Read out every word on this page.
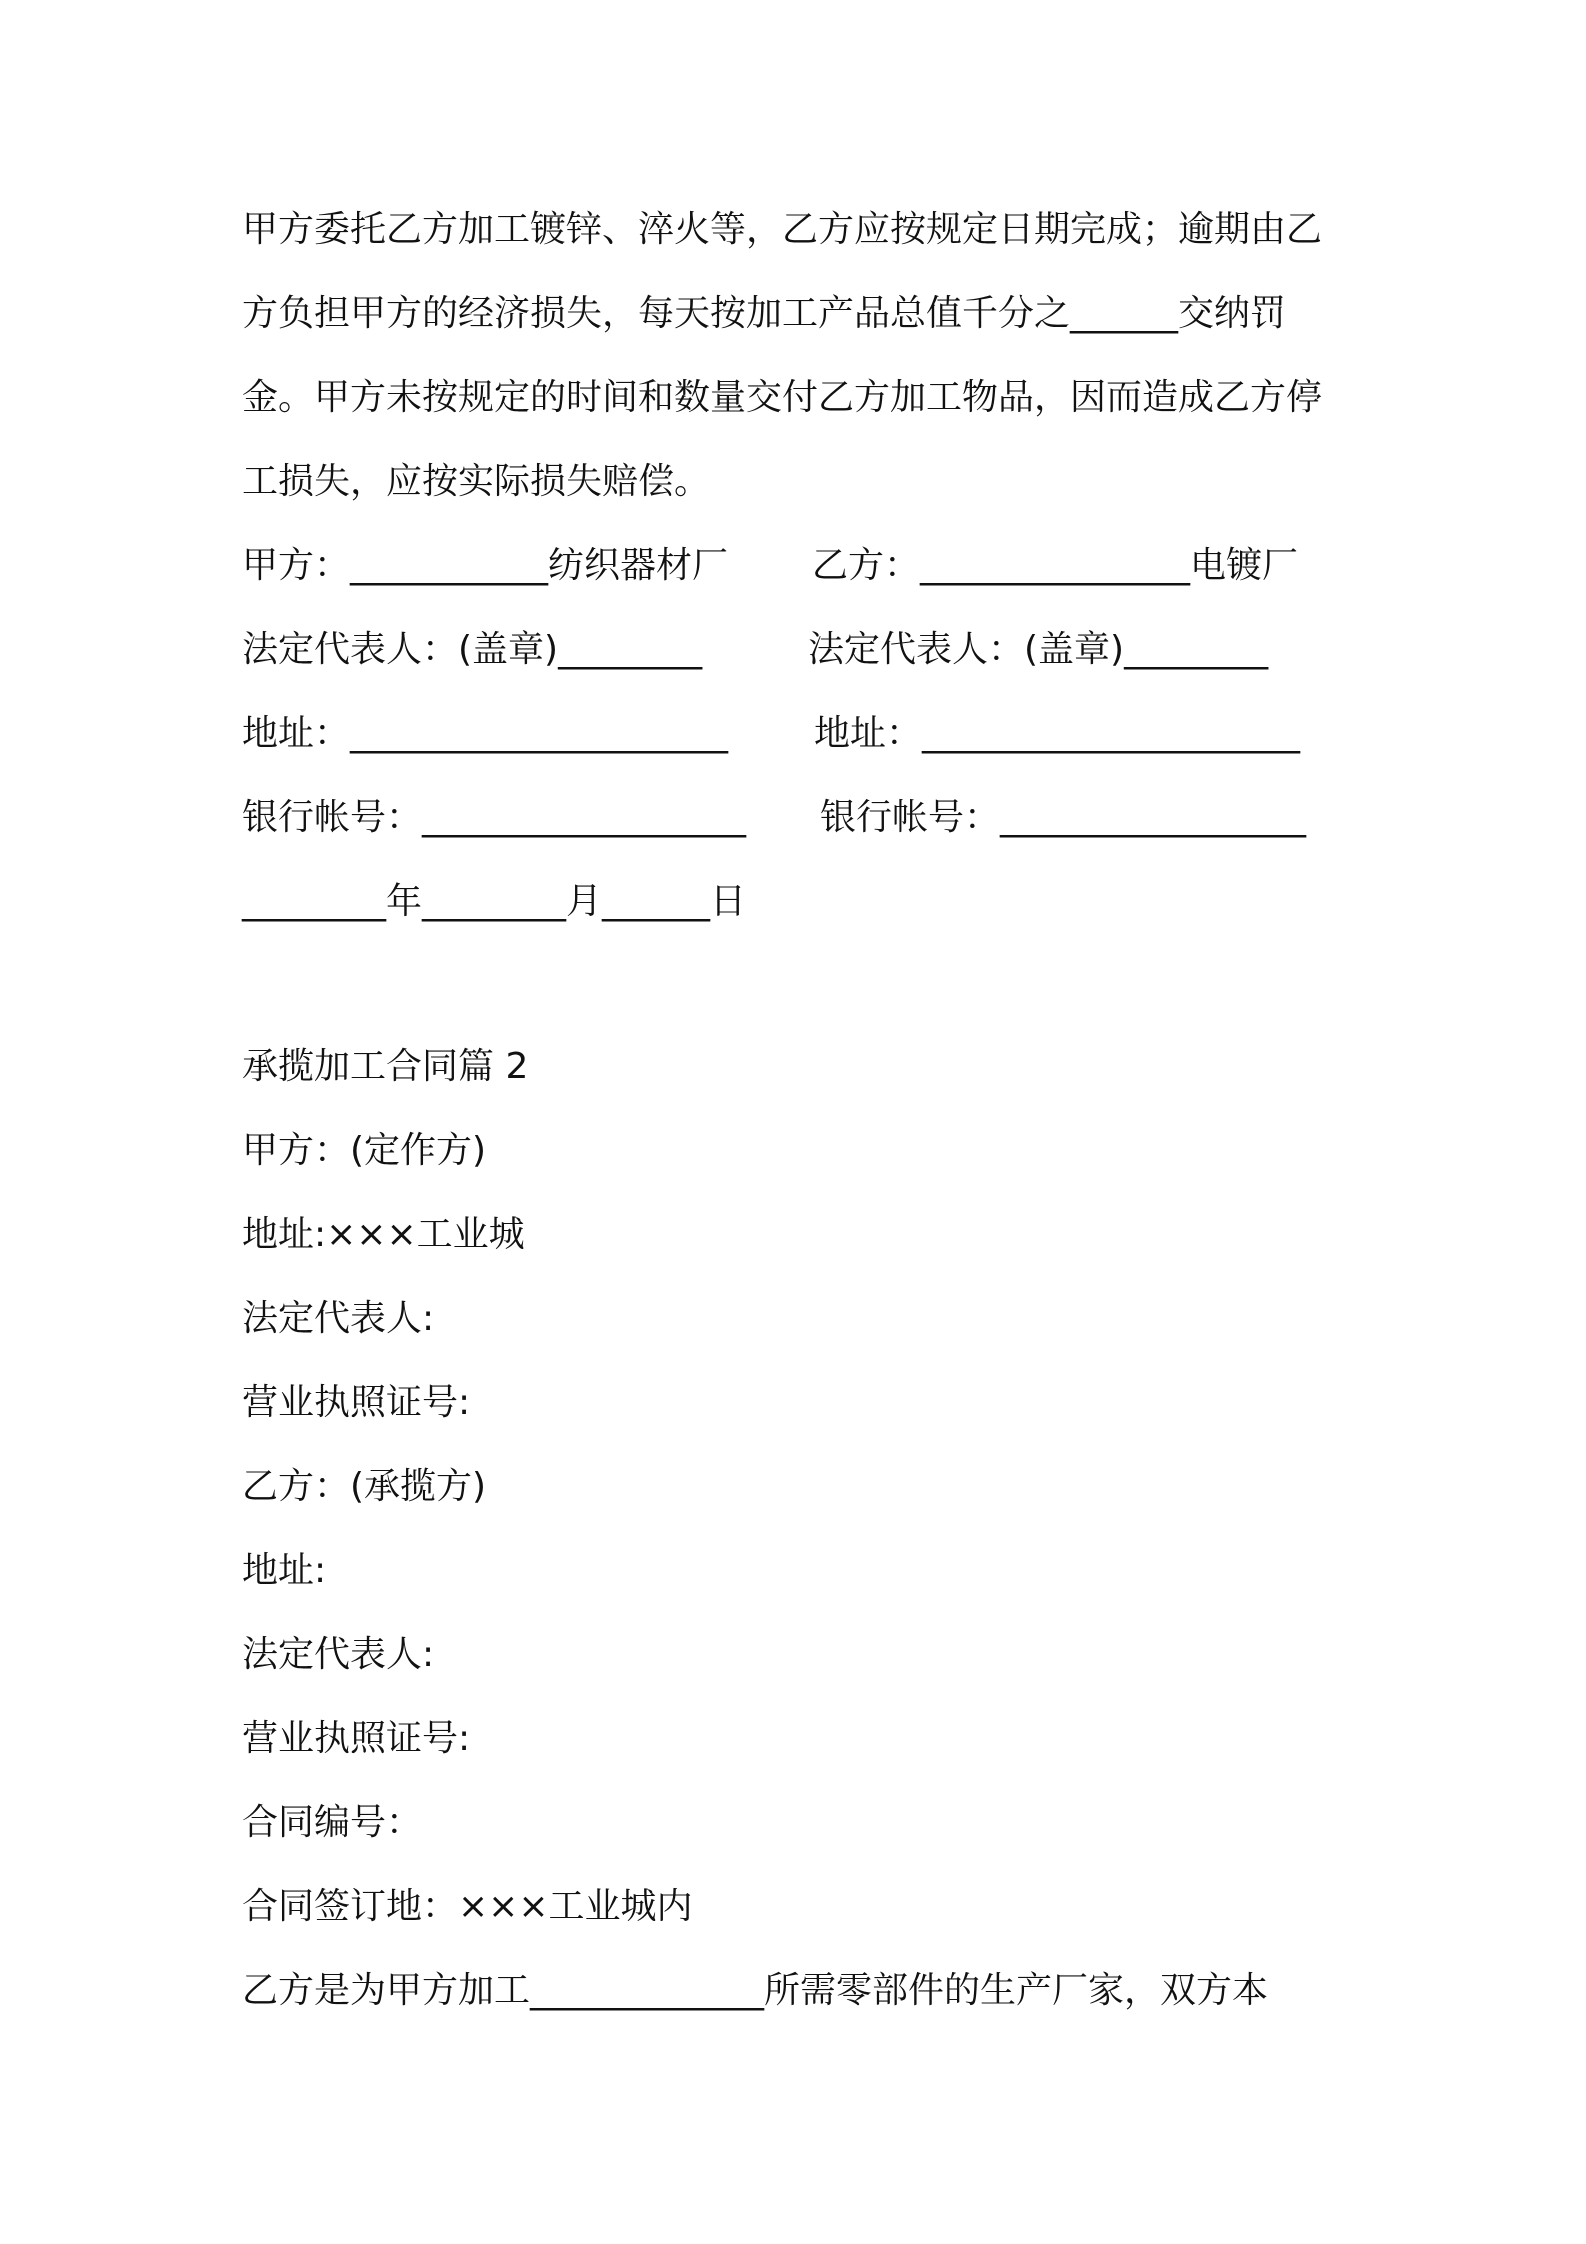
甲方委托乙方加工镀锌、淬火等，乙方应按规定日期完成；逾期由乙
方负担甲方的经济损失，每天按加工产品总值千分之______交纳罚
金。甲方未按规定的时间和数量交付乙方加工物品，因而造成乙方停
工损失，应按实际损失赔偿。
甲方：___________纺织器材厂 乙方：_______________电镀厂
法定代表人：(盖章)________	法定代表人：(盖章)________
地址：_____________________ 地址：_____________________
银行帐号：__________________ 银行帐号：_________________
________年________月______日
承揽加工合同篇 2
甲方：(定作方)
地址:×××工业城
法定代表人:
营业执照证号:
乙方：(承揽方)
地址:
法定代表人:
营业执照证号:
合同编号：
合同签订地：×××工业城内
乙方是为甲方加工_____________所需零部件的生产厂家，双方本
